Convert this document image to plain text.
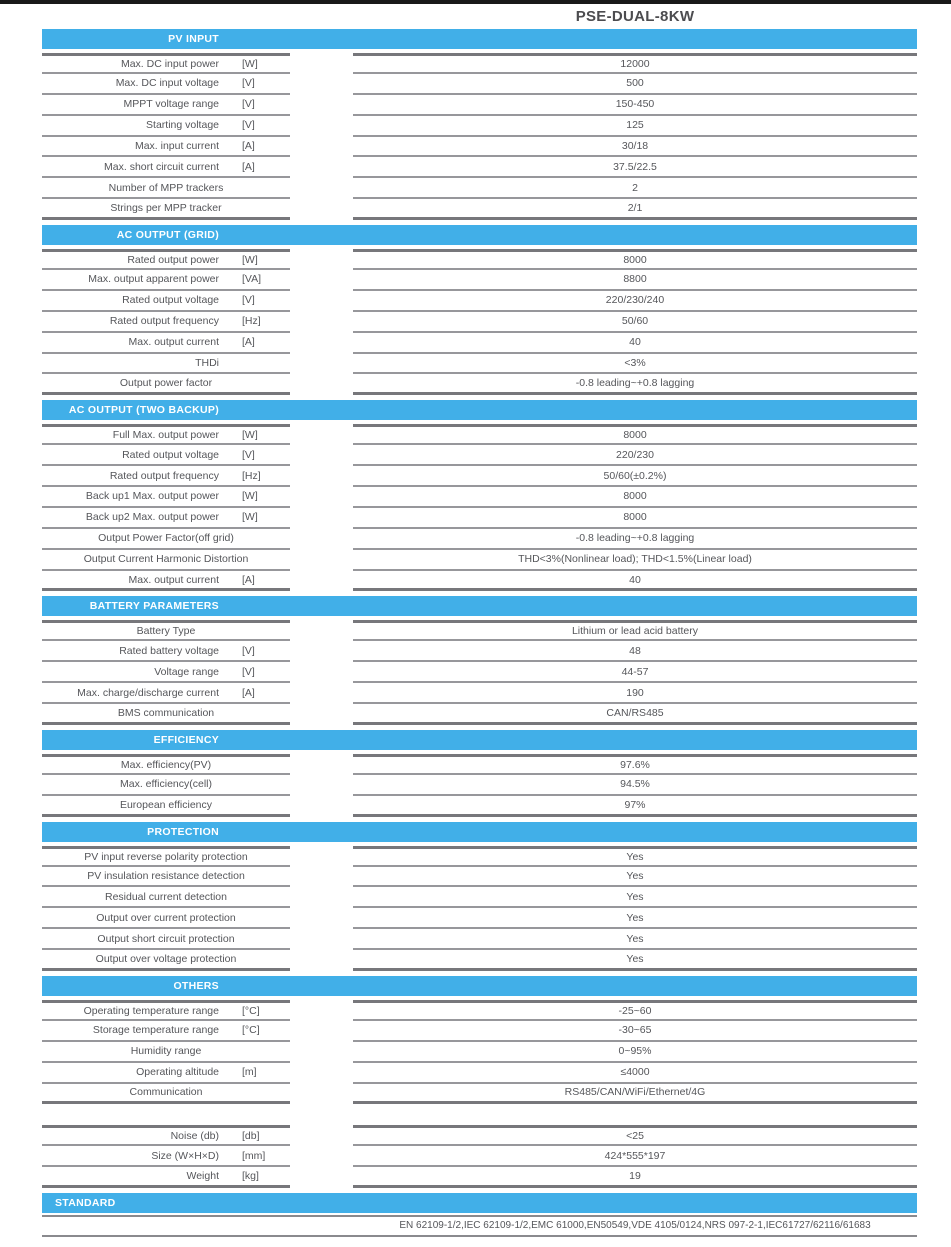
PSE-DUAL-8KW
PV INPUT
Max. DC input power	[W]	12000
Max. DC input voltage	[V]	500
MPPT voltage range	[V]	150-450
Starting voltage	[V]	125
Max. input current	[A]	30/18
Max. short circuit current	[A]	37.5/22.5
Number of MPP trackers	2
Strings per MPP tracker	2/1
AC OUTPUT (GRID)
Rated output power	[W]	8000
Max. output apparent power	[VA]	8800
Rated output voltage	[V]	220/230/240
Rated output frequency	[Hz]	50/60
Max. output current	[A]	40
THDi	<3%
Output power factor	-0.8 leading~+0.8 lagging
AC OUTPUT (TWO BACKUP)
Full Max. output power	[W]	8000
Rated output voltage	[V]	220/230
Rated output frequency	[Hz]	50/60(±0.2%)
Back up1 Max. output power	[W]	8000
Back up2 Max. output power	[W]	8000
Output Power Factor(off grid)	-0.8 leading~+0.8 lagging
Output Current Harmonic Distortion	THD<3%(Nonlinear load); THD<1.5%(Linear load)
Max. output current	[A]	40
BATTERY PARAMETERS
Battery Type	Lithium or lead acid battery
Rated battery voltage	[V]	48
Voltage range	[V]	44-57
Max. charge/discharge current	[A]	190
BMS communication	CAN/RS485
EFFICIENCY
Max. efficiency(PV)	97.6%
Max. efficiency(cell)	94.5%
European efficiency	97%
PROTECTION
PV input reverse polarity protection	Yes
PV insulation resistance detection	Yes
Residual current detection	Yes
Output over current protection	Yes
Output short circuit protection	Yes
Output over voltage protection	Yes
OTHERS
Operating temperature range	[°C]	-25~60
Storage temperature range	[°C]	-30~65
Humidity range	0~95%
Operating altitude	[m]	≤4000
Communication	RS485/CAN/WiFi/Ethernet/4G
Noise (db)	[db]	<25
Size (W×H×D)	[mm]	424*555*197
Weight	[kg]	19
STANDARD
EN 62109-1/2,IEC 62109-1/2,EMC 61000,EN50549,VDE 4105/0124,NRS 097-2-1,IEC61727/62116/61683
